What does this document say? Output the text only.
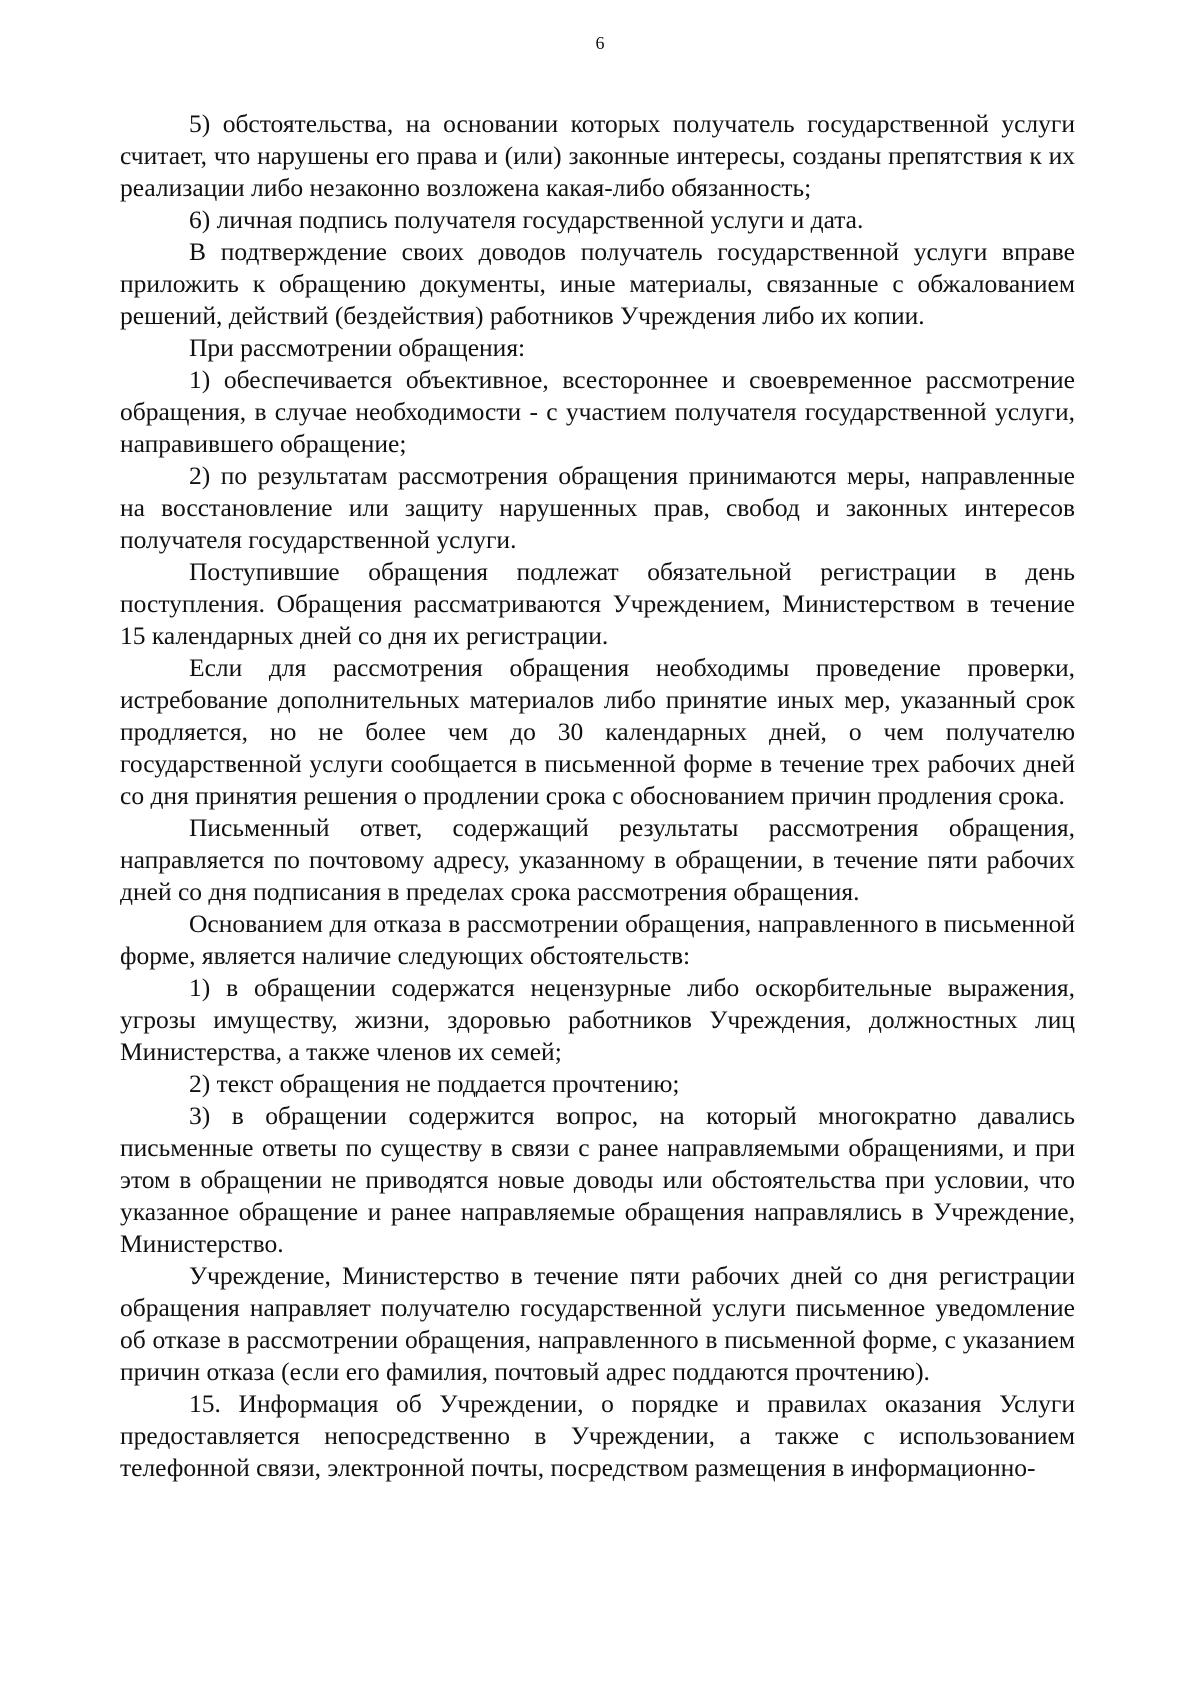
6

5) обстоятельства, на основании которых получатель государственной услуги считает, что нарушены его права и (или) законные интересы, созданы препятствия к их реализации либо незаконно возложена какая-либо обязанность;

6) личная подпись получателя государственной услуги и дата.

В подтверждение своих доводов получатель государственной услуги вправе приложить к обращению документы, иные материалы, связанные с обжалованием решений, действий (бездействия) работников Учреждения либо их копии.

При рассмотрении обращения:

1) обеспечивается объективное, всестороннее и своевременное рассмотрение обращения, в случае необходимости - с участием получателя государственной услуги, направившего обращение;

2) по результатам рассмотрения обращения принимаются меры, направленные на восстановление или защиту нарушенных прав, свобод и законных интересов получателя государственной услуги.

Поступившие обращения подлежат обязательной регистрации в день поступления. Обращения рассматриваются Учреждением, Министерством в течение 15 календарных дней со дня их регистрации.

Если для рассмотрения обращения необходимы проведение проверки, истребование дополнительных материалов либо принятие иных мер, указанный срок продляется, но не более чем до 30 календарных дней, о чем получателю государственной услуги сообщается в письменной форме в течение трех рабочих дней со дня принятия решения о продлении срока с обоснованием причин продления срока.

Письменный ответ, содержащий результаты рассмотрения обращения, направляется по почтовому адресу, указанному в обращении, в течение пяти рабочих дней со дня подписания в пределах срока рассмотрения обращения.

Основанием для отказа в рассмотрении обращения, направленного в письменной форме, является наличие следующих обстоятельств:

1) в обращении содержатся нецензурные либо оскорбительные выражения, угрозы имуществу, жизни, здоровью работников Учреждения, должностных лиц Министерства, а также членов их семей;

2) текст обращения не поддается прочтению;

3) в обращении содержится вопрос, на который многократно давались письменные ответы по существу в связи с ранее направляемыми обращениями, и при этом в обращении не приводятся новые доводы или обстоятельства при условии, что указанное обращение и ранее направляемые обращения направлялись в Учреждение, Министерство.

Учреждение, Министерство в течение пяти рабочих дней со дня регистрации обращения направляет получателю государственной услуги письменное уведомление об отказе в рассмотрении обращения, направленного в письменной форме, с указанием причин отказа (если его фамилия, почтовый адрес поддаются прочтению).

15. Информация об Учреждении, о порядке и правилах оказания Услуги предоставляется непосредственно в Учреждении, а также с использованием телефонной связи, электронной почты, посредством размещения в информационно-
